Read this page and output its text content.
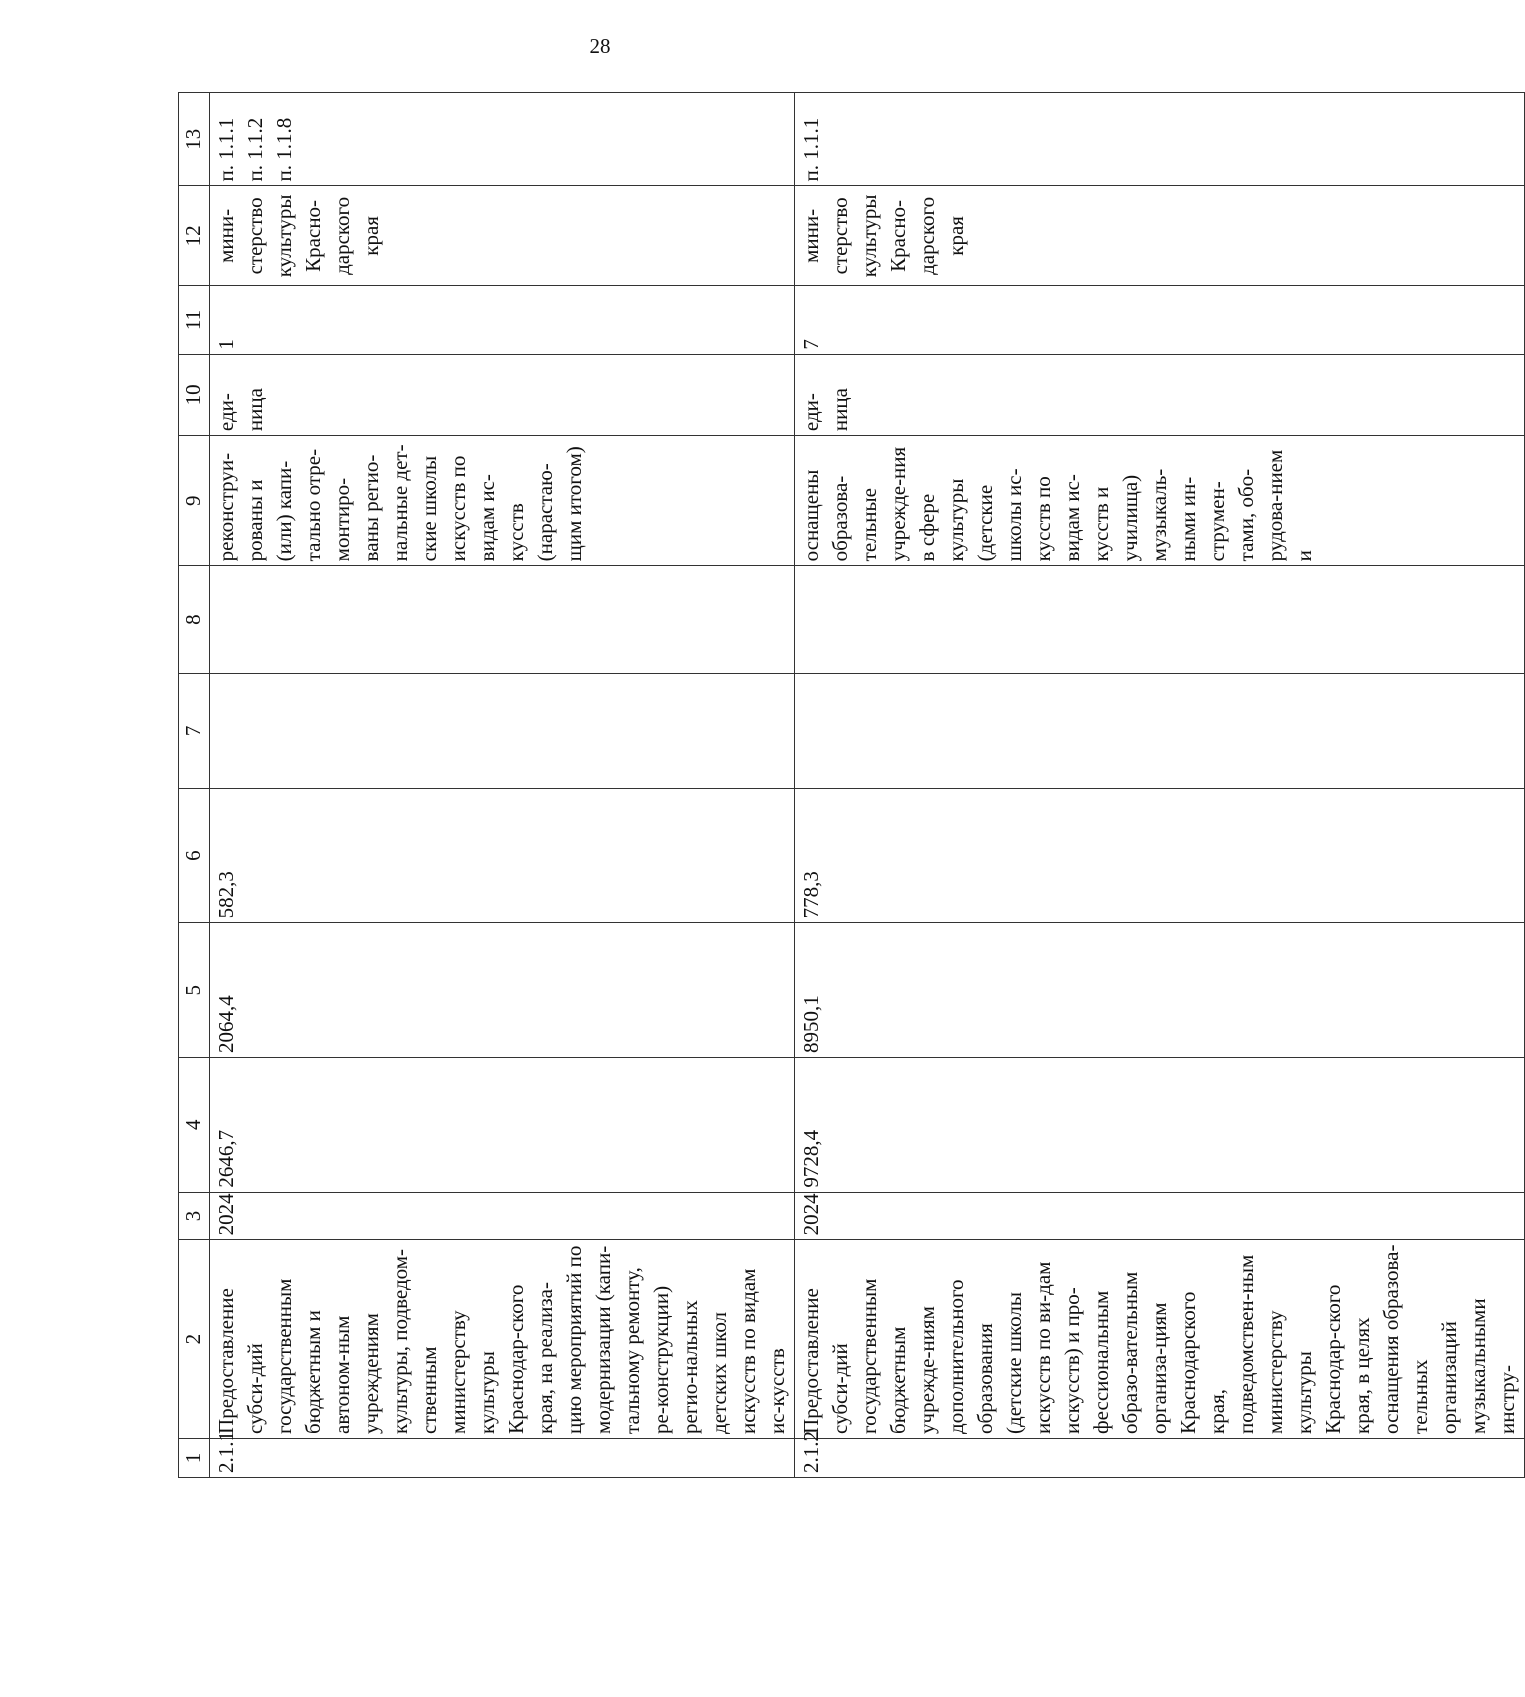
28
1	2	3	4	5	6	7	8	9	10	11	12	13
2.1.1	Предоставление субси-дий государственным бюджетным и автоном-ным учреждениям культуры, подведом-ственным министерству культуры Краснодар-ского края, на реализа-цию мероприятий по модернизации (капи-тальному ремонту, ре-конструкции) регио-нальных детских школ искусств по видам ис-кусств	2024	2646,7	2064,4	582,3			реконструи-рованы и (или) капи-тально отре-монтиро-ваны регио-нальные дет-ские школы искусств по видам ис-кусств (нарастаю-щим итогом)	еди-ница	1	мини-стерство культуры Красно-дарского края	п. 1.1.1 п. 1.1.2 п. 1.1.8
2.1.2	Предоставление субси-дий государственным бюджетным учрежде-ниям дополнительного образования (детские школы искусств по ви-дам искусств) и про-фессиональным образо-вательным организа-циям Краснодарского края, подведомствен-ным министерству культуры Краснодар-ского края, в целях оснащения образова-тельных организаций музыкальными инстру-	2024	9728,4	8950,1	778,3			оснащены образова-тельные учрежде-ния в сфере культуры (детские школы ис-кусств по видам ис-кусств и училища) музыкаль-ными ин-струмен-тами, обо-рудова-нием и	еди-ница	7	мини-стерство культуры Красно-дарского края	п. 1.1.1
